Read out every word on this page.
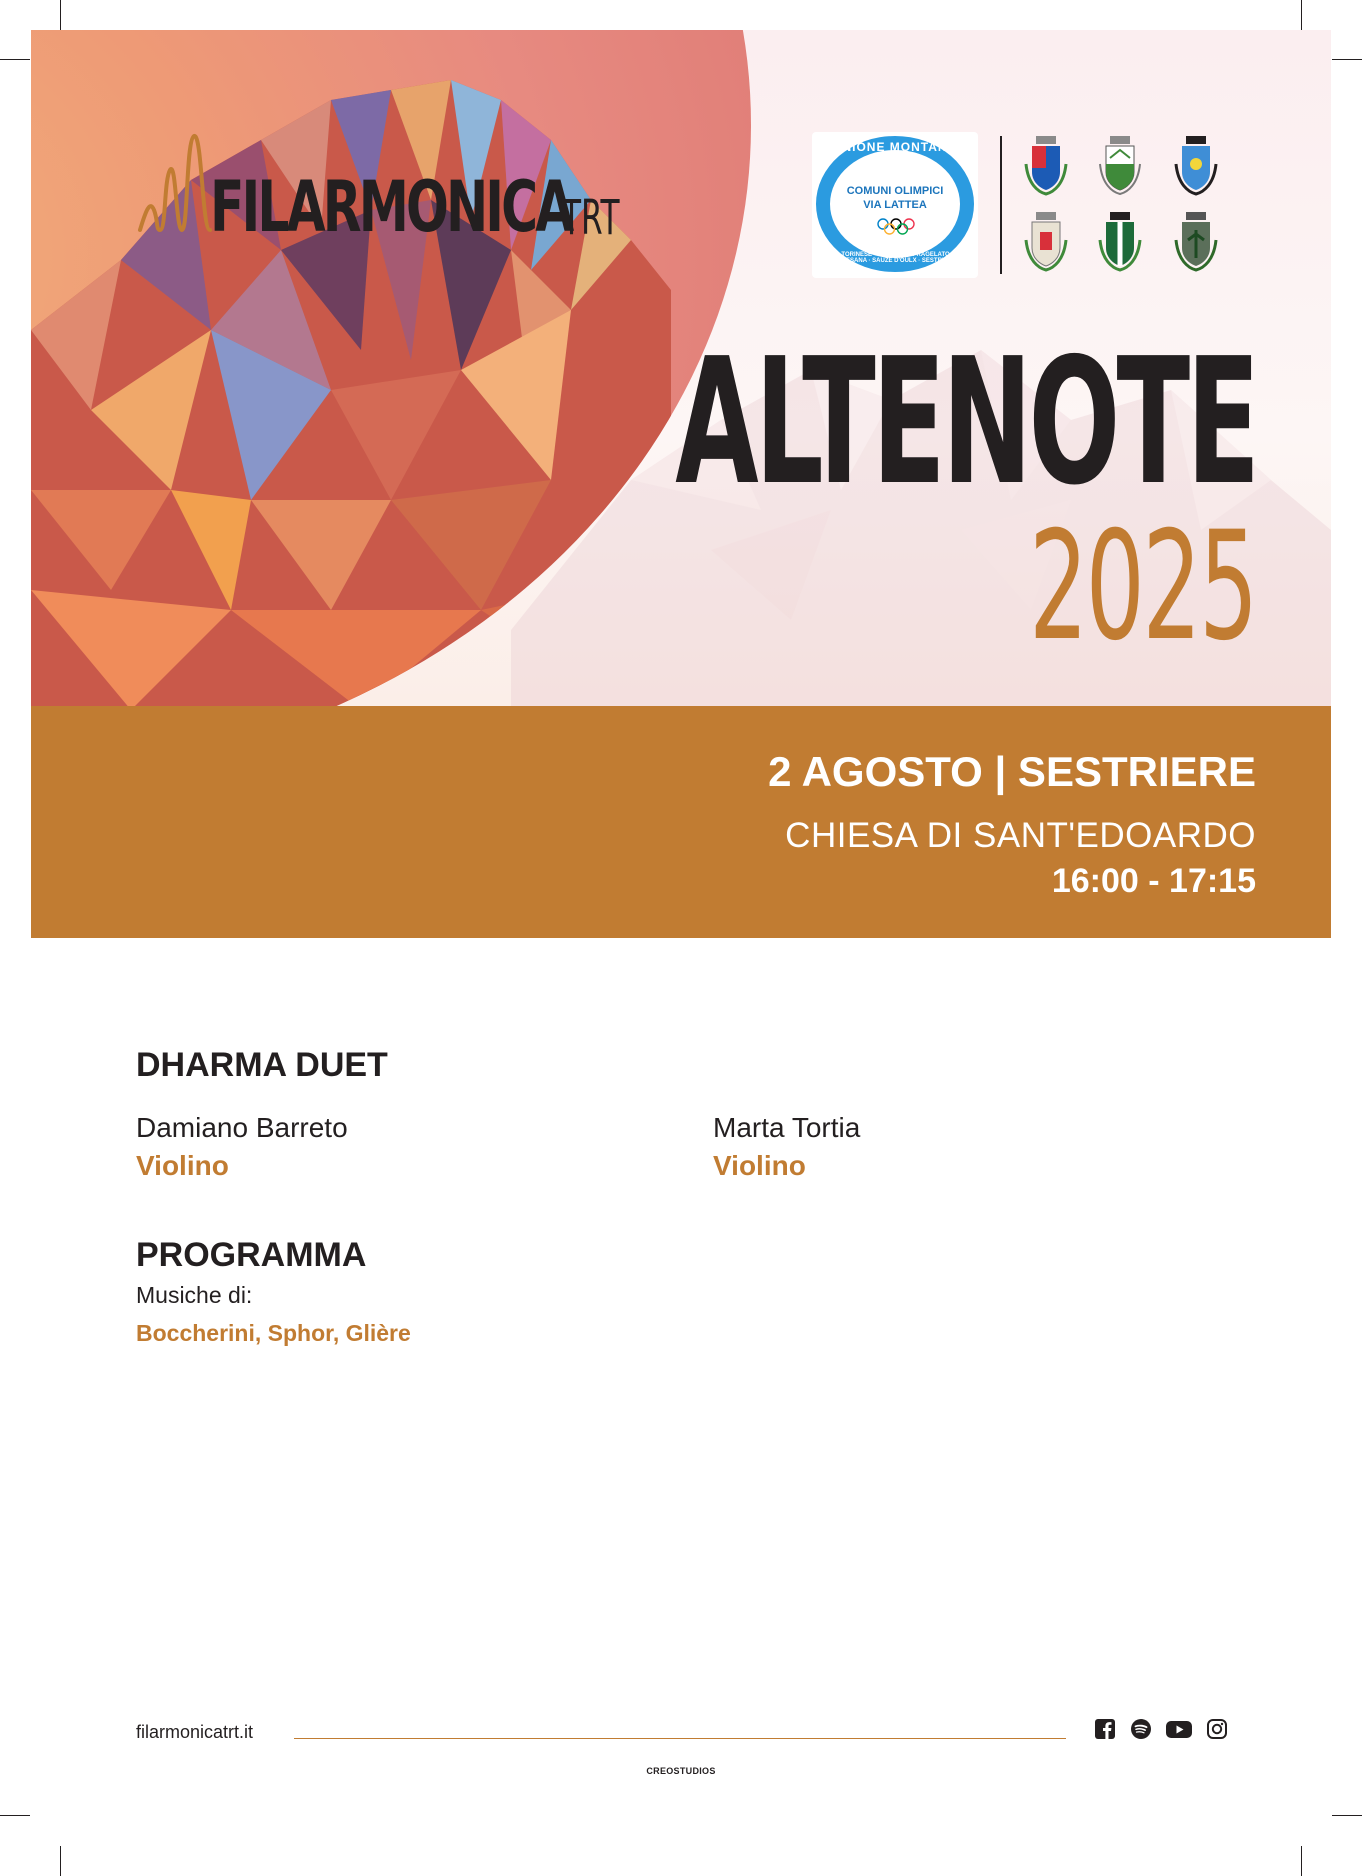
FILARMONICA
TRT
UNIONE MONTANA
COMUNI OLIMPICI
VIA LATTEA
CESANA TORINESE · CLAVIERE · PRAGELATO · SAUZE DI CESANA · SAUZE D'OULX · SESTRIERE
ALTENOTE
2025
2 AGOSTO | SESTRIERE
CHIESA DI SANT'EDOARDO
16:00 - 17:15
DHARMA DUET
Damiano Barreto
Violino
Marta Tortia
Violino
PROGRAMMA
Musiche di:
Boccherini, Sphor, Glière
filarmonicatrt.it
CREOSTUDIOS
